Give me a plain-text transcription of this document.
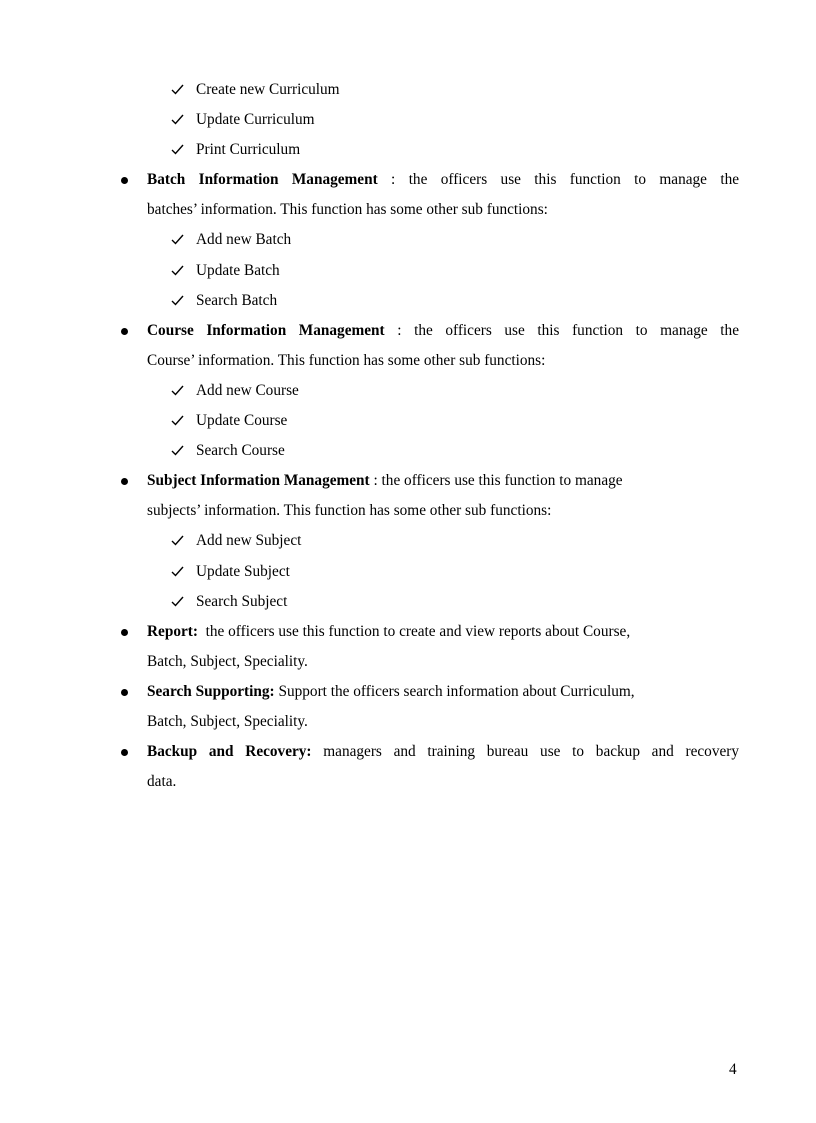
Create new Curriculum
Update Curriculum
Print Curriculum
Batch Information Management : the officers use this function to manage the
batches’ information. This function has some other sub functions:
Add new Batch
Update Batch
Search Batch
Course Information Management : the officers use this function to manage the
Course’ information. This function has some other sub functions:
Add new Course
Update Course
Search Course
Subject Information Management : the officers use this function to manage
subjects’ information. This function has some other sub functions:
Add new Subject
Update Subject
Search Subject
Report: the officers use this function to create and view reports about Course,
Batch, Subject, Speciality.
Search Supporting: Support the officers search information about Curriculum,
Batch, Subject, Speciality.
Backup and Recovery: managers and training bureau use to backup and recovery
data.
4
